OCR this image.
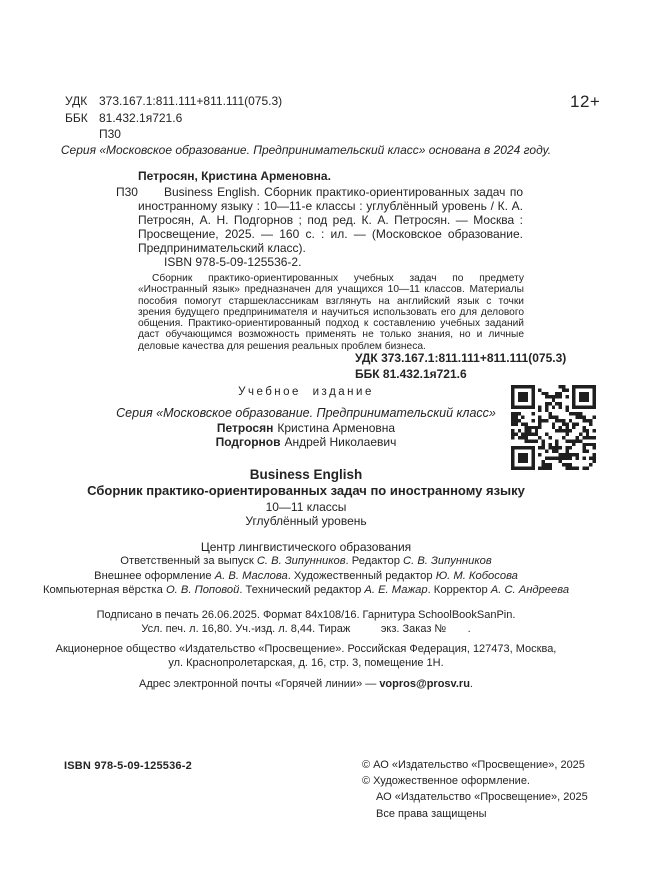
УДК 373.167.1:811.111+811.111(075.3)
ББК 81.432.1я721.6
П30
12+
Серия «Московское образование. Предпринимательский класс» основана в 2024 году.
Петросян, Кристина Арменовна.
П30	Business English. Сборник практико-ориентированных задач по иностранному языку : 10—11-е классы : углублённый уровень / К. А. Петросян, А. Н. Подгорнов ; под ред. К. А. Петросян. — Москва : Просвещение, 2025. — 160 с. : ил. — (Московское образование. Предпринимательский класс).
ISBN 978-5-09-125536-2.
Сборник практико-ориентированных учебных задач по предмету «Иностранный язык» предназначен для учащихся 10—11 классов. Материалы пособия помогут старшеклассникам взглянуть на английский язык с точки зрения будущего предпринимателя и научиться использовать его для делового общения. Практико-ориентированный подход к составлению учебных заданий даст обучающимся возможность применять не только знания, но и личные деловые качества для решения реальных проблем бизнеса.
УДК 373.167.1:811.111+811.111(075.3)
ББК 81.432.1я721.6
Учебное издание
Серия «Московское образование. Предпринимательский класс»
Петросян Кристина Арменовна
Подгорнов Андрей Николаевич
Business English
Сборник практико-ориентированных задач по иностранному языку
10—11 классы
Углублённый уровень
Центр лингвистического образования
Ответственный за выпуск С. В. Зипунников. Редактор С. В. Зипунников
Внешнее оформление А. В. Маслова. Художественный редактор Ю. М. Кобосова
Компьютерная вёрстка О. В. Поповой. Технический редактор А. Е. Мажар. Корректор А. С. Андреева
Подписано в печать 26.06.2025. Формат 84x108/16. Гарнитура SchoolBookSanPin.
Усл. печ. л. 16,80. Уч.-изд. л. 8,44. Тираж          экз. Заказ №       .
Акционерное общество «Издательство «Просвещение». Российская Федерация, 127473, Москва,
ул. Краснопролетарская, д. 16, стр. 3, помещение 1Н.
Адрес электронной почты «Горячей линии» — vopros@prosv.ru.
ISBN 978-5-09-125536-2	© АО «Издательство «Просвещение», 2025
© Художественное оформление.
АО «Издательство «Просвещение», 2025
Все права защищены
